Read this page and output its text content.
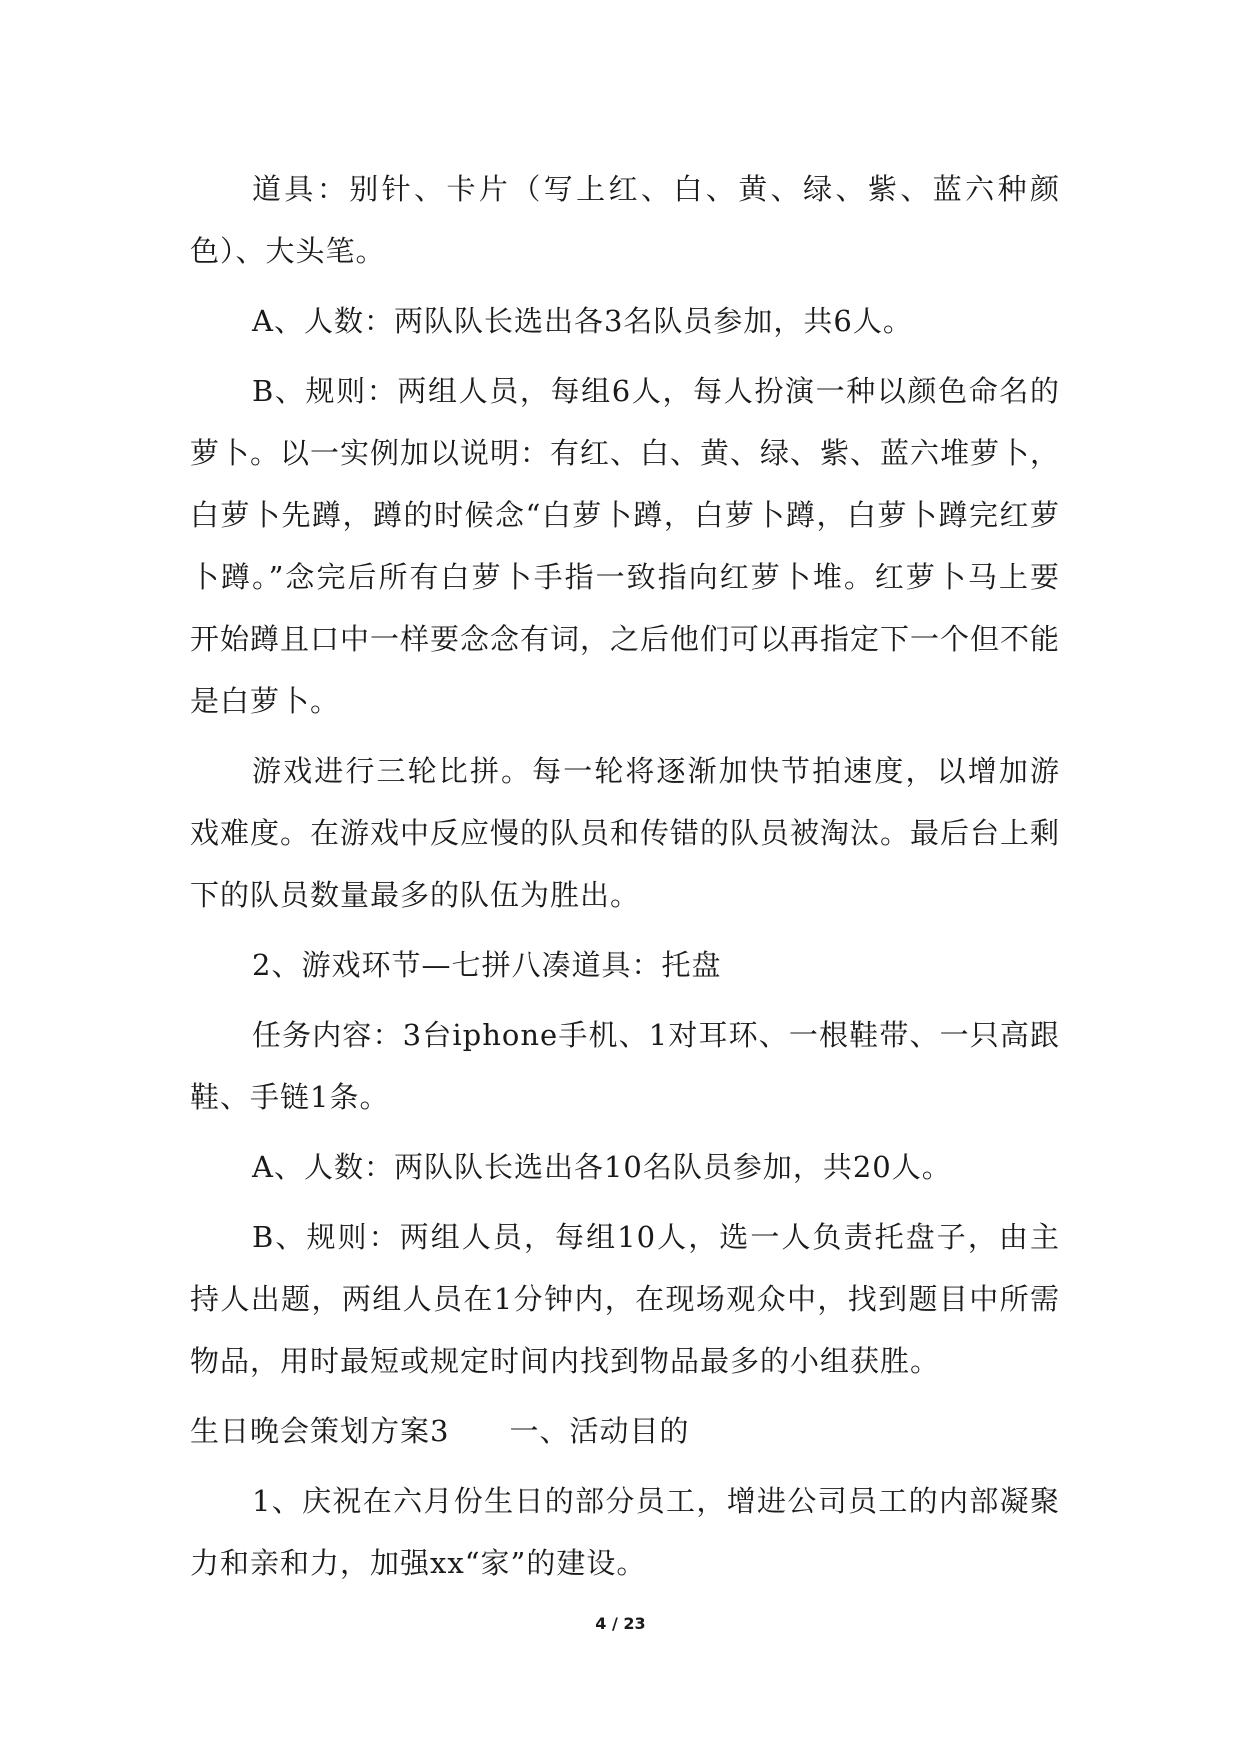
道具：别针、卡片（写上红、白、黄、绿、紫、蓝六种颜色）、大头笔。

A、人数：两队队长选出各3名队员参加，共6人。

B、规则：两组人员，每组6人，每人扮演一种以颜色命名的萝卜。以一实例加以说明：有红、白、黄、绿、紫、蓝六堆萝卜，白萝卜先蹲，蹲的时候念“白萝卜蹲，白萝卜蹲，白萝卜蹲完红萝卜蹲。”念完后所有白萝卜手指一致指向红萝卜堆。红萝卜马上要开始蹲且口中一样要念念有词，之后他们可以再指定下一个但不能是白萝卜。

游戏进行三轮比拼。每一轮将逐渐加快节拍速度，以增加游戏难度。在游戏中反应慢的队员和传错的队员被淘汰。最后台上剩下的队员数量最多的队伍为胜出。

2、游戏环节—七拼八凑道具：托盘

任务内容：3台iphone手机、1对耳环、一根鞋带、一只高跟鞋、手链1条。

A、人数：两队队长选出各10名队员参加，共20人。

B、规则：两组人员，每组10人，选一人负责托盘子，由主持人出题，两组人员在1分钟内，在现场观众中，找到题目中所需物品，用时最短或规定时间内找到物品最多的小组获胜。

生日晚会策划方案3 一、活动目的

1、庆祝在六月份生日的部分员工，增进公司员工的内部凝聚力和亲和力，加强xx“家”的建设。

4 / 23
